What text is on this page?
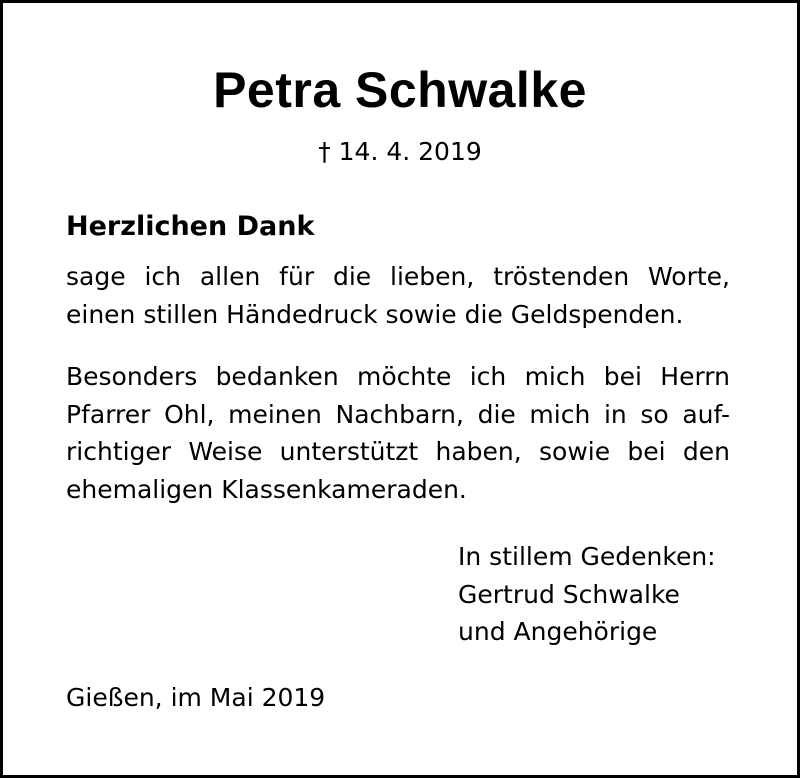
Petra Schwalke
† 14. 4. 2019
Herzlichen Dank
sage ich allen für die lieben, tröstenden Worte,
einen stillen Händedruck sowie die Geldspenden.
Besonders bedanken möchte ich mich bei Herrn
Pfarrer Ohl, meinen Nachbarn, die mich in so auf-
richtiger Weise unterstützt haben, sowie bei den
ehemaligen Klassenkameraden.
In stillem Gedenken:
Gertrud Schwalke
und Angehörige
Gießen, im Mai 2019
